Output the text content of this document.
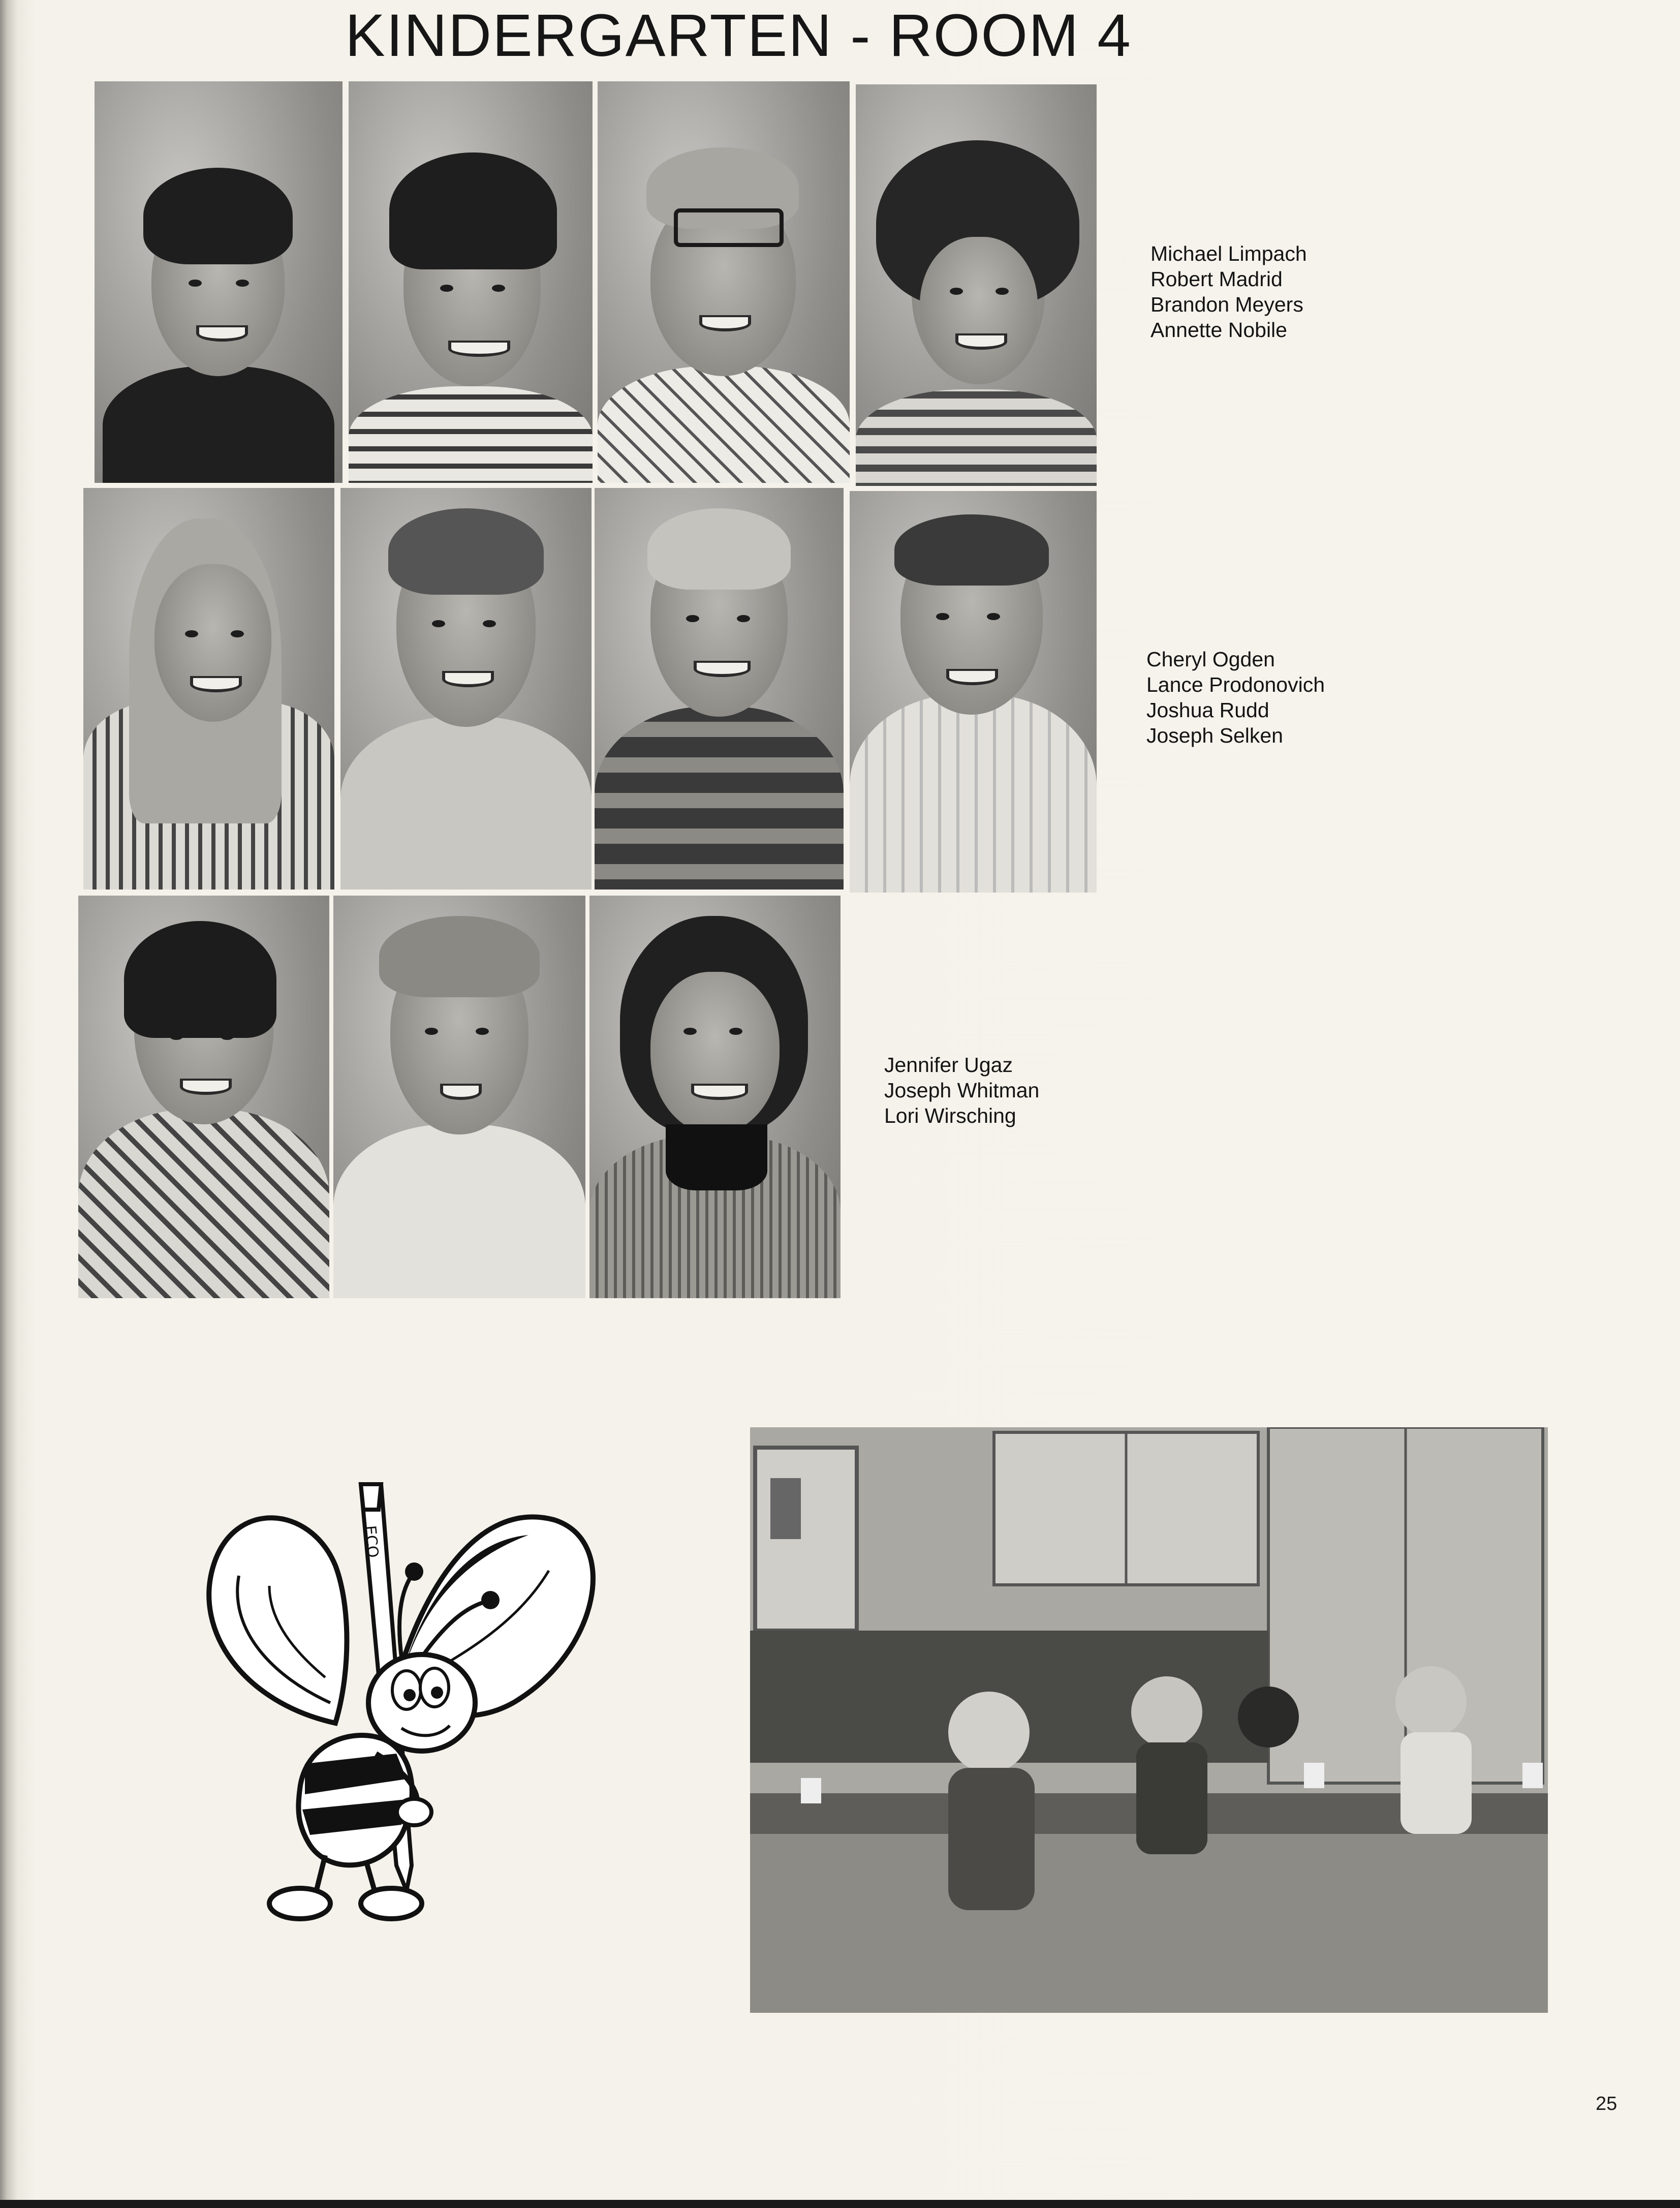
KINDERGARTEN - ROOM 4
Michael Limpach
Robert Madrid
Brandon Meyers
Annette Nobile
Cheryl Ogden
Lance Prodonovich
Joshua Rudd
Joseph Selken
Jennifer Ugaz
Joseph Whitman
Lori Wirsching
ECO
25
